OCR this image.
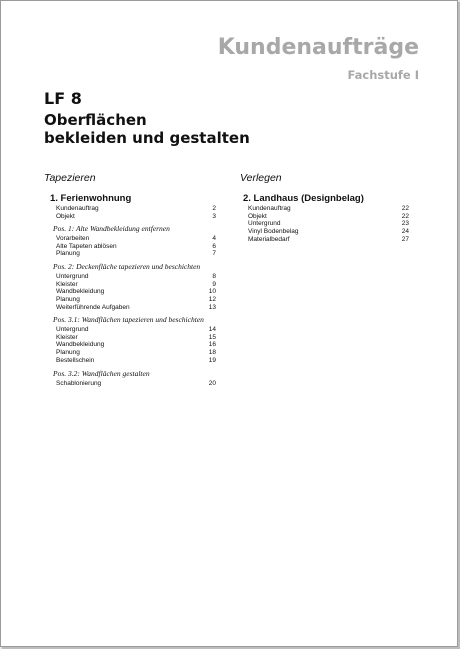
Kundenaufträge
Fachstufe I
LF 8
Oberflächen
bekleiden und gestalten
Tapezieren
1. Ferienwohnung
Kundenauftrag	2
Objekt	3
Pos. 1: Alte Wandbekleidung entfernen
Vorarbeiten	4
Alte Tapeten ablösen	6
Planung	7
Pos. 2: Deckenfläche tapezieren und beschichten
Untergrund	8
Kleister	9
Wandbekleidung	10
Planung	12
Weiterführende Aufgaben	13
Pos. 3.1: Wandflächen tapezieren und beschichten
Untergrund	14
Kleister	15
Wandbekleidung	16
Planung	18
Bestellschein	19
Pos. 3.2: Wandflächen gestalten
Schablonierung	20
Verlegen
2. Landhaus (Designbelag)
Kundenauftrag	22
Objekt	22
Untergrund	23
Vinyl Bodenbelag	24
Materialbedarf	27
